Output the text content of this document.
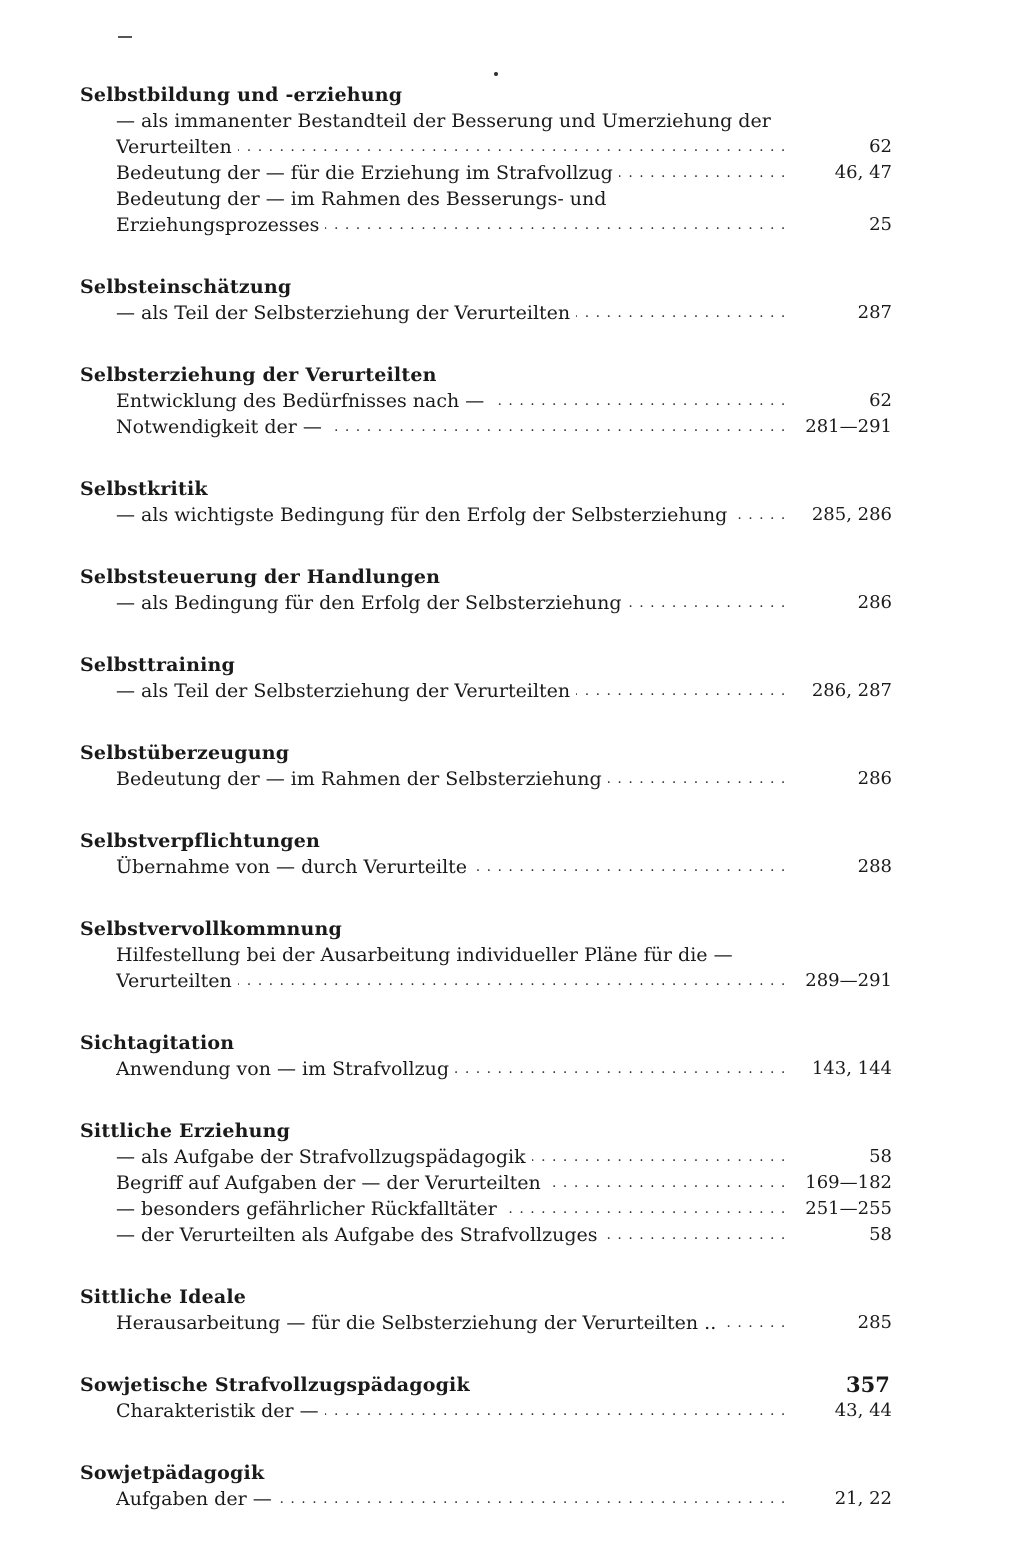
Selbstbildung und -erziehung
— als immanenter Bestandteil der Besserung und Umerziehung der Verurteilten . . .	62
Bedeutung der — für die Erziehung im Strafvollzug . . .	46, 47
Bedeutung der — im Rahmen des Besserungs- und Erziehungsprozesses . . .	25
Selbsteinschätzung
— als Teil der Selbsterziehung der Verurteilten . . .	287
Selbsterziehung der Verurteilten
Entwicklung des Bedürfnisses nach — . . .	62
Notwendigkeit der — . . .	281—291
Selbstkritik
— als wichtigste Bedingung für den Erfolg der Selbsterziehung . . .	285, 286
Selbststeuerung der Handlungen
— als Bedingung für den Erfolg der Selbsterziehung . . .	286
Selbsttraining
— als Teil der Selbsterziehung der Verurteilten . . .	286, 287
Selbstüberzeugung
Bedeutung der — im Rahmen der Selbsterziehung . . .	286
Selbstverpflichtungen
Übernahme von — durch Verurteilte . . .	288
Selbstvervollkommnung
Hilfestellung bei der Ausarbeitung individueller Pläne für die — Verurteilten . . .	289—291
Sichtagitation
Anwendung von — im Strafvollzug . . .	143, 144
Sittliche Erziehung
— als Aufgabe der Strafvollzugspädagogik . . .	58
Begriff auf Aufgaben der — der Verurteilten . . .	169—182
— besonders gefährlicher Rückfalltäter . . .	251—255
— der Verurteilten als Aufgabe des Strafvollzuges . . .	58
Sittliche Ideale
Herausarbeitung — für die Selbsterziehung der Verurteilten .. . . .	285
Sowjetische Strafvollzugspädagogik
Charakteristik der — . . .	43, 44
Sowjetpädagogik
Aufgaben der — . . .	21, 22
357
